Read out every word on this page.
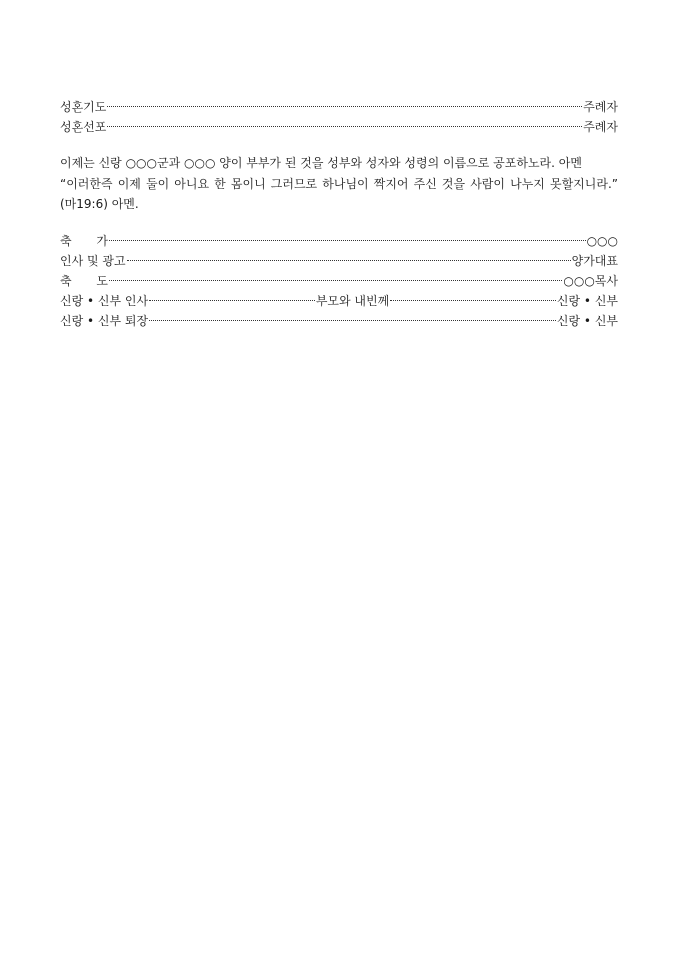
성혼기도	주례자
성혼선포	주례자

이제는 신랑 ○○○군과 ○○○ 양이 부부가 된 것을 성부와 성자와 성령의 이름으로 공포하노라. 아멘

“이러한즉 이제 둘이 아니요 한 몸이니 그러므로 하나님이 짝지어 주신 것을 사람이 나누지 못할지니라.” (마19:6) 아멘.

축 가	○○○
인사 및 광고	양가대표
축 도	○○○목사
신랑 • 신부 인사	부모와 내빈께	신랑 • 신부
신랑 • 신부 퇴장	신랑 • 신부
